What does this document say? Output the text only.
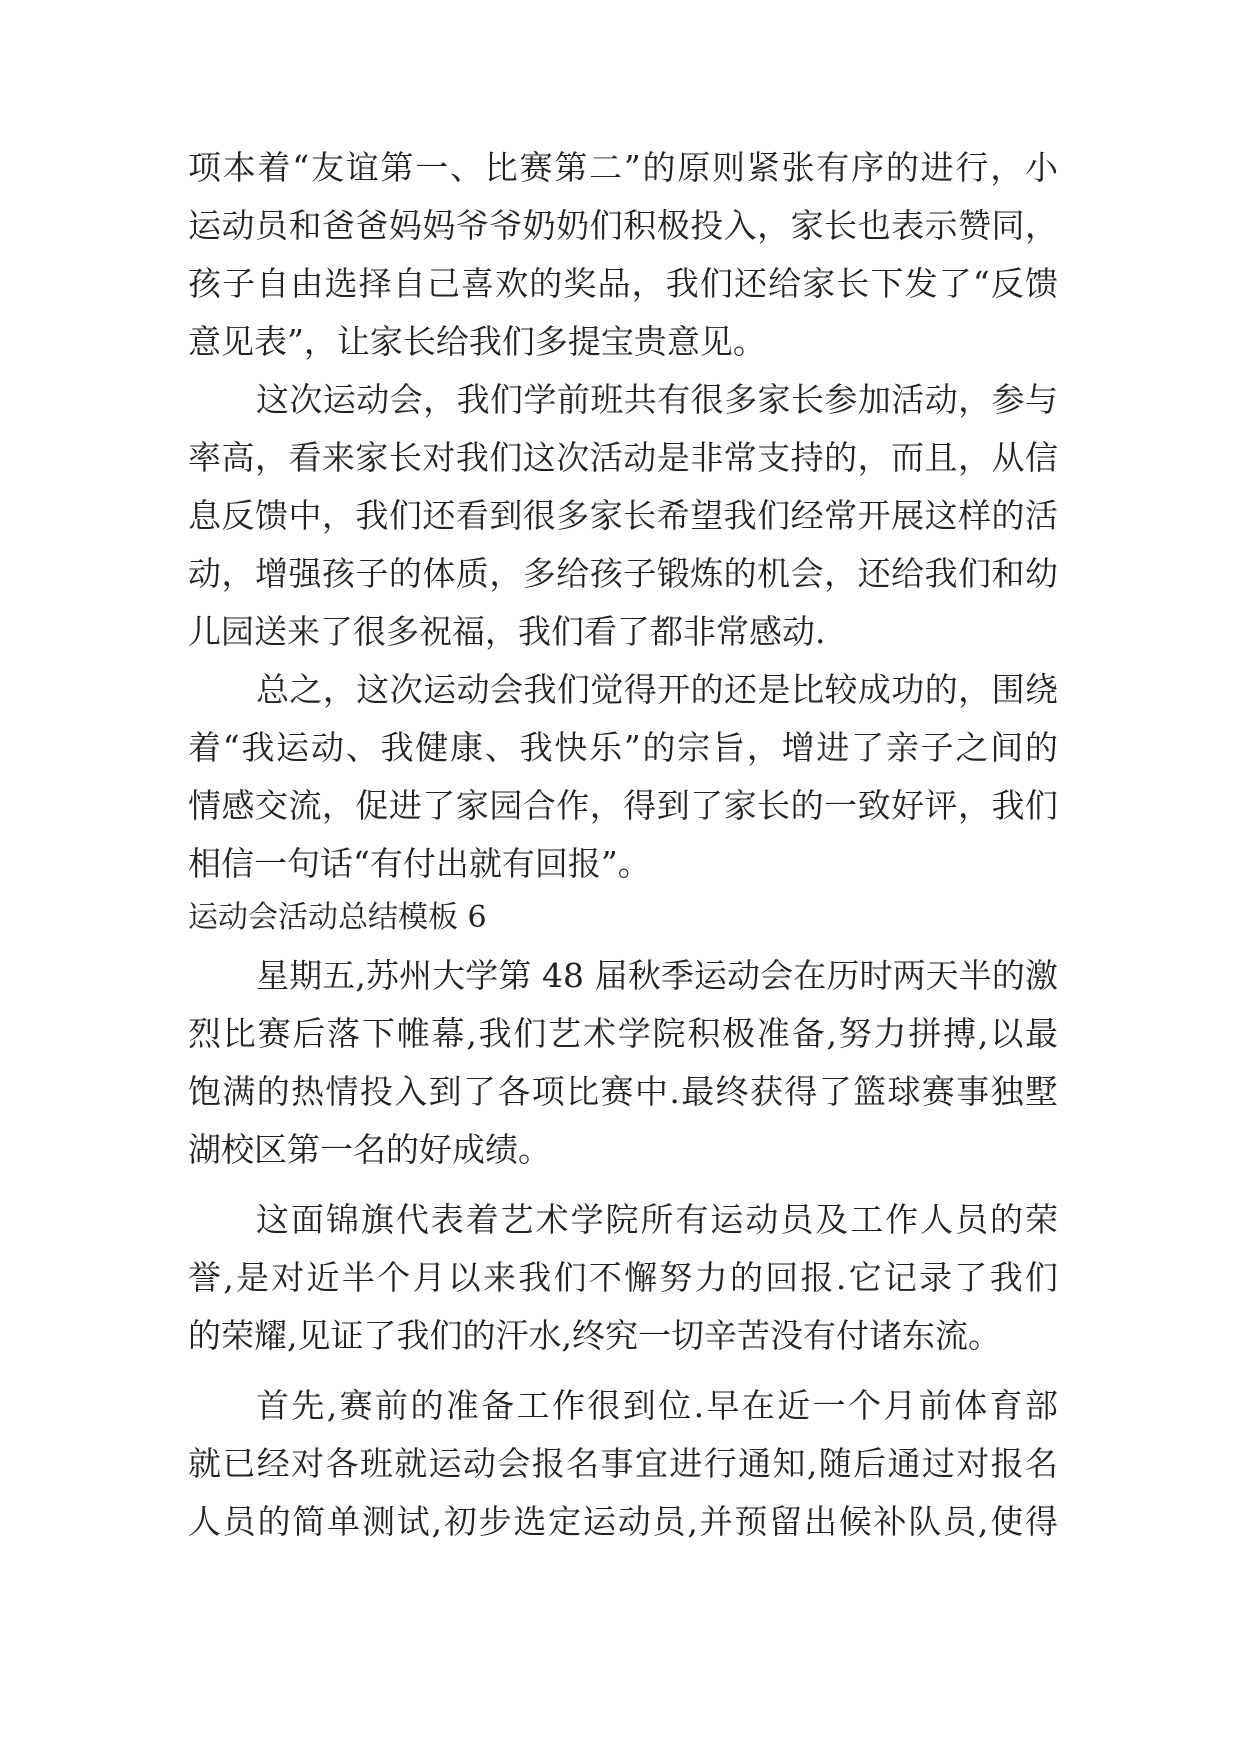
项本着“友谊第一、比赛第二”的原则紧张有序的进行，小
运动员和爸爸妈妈爷爷奶奶们积极投入，家长也表示赞同，
孩子自由选择自己喜欢的奖品，我们还给家长下发了“反馈
意见表”，让家长给我们多提宝贵意见。
这次运动会，我们学前班共有很多家长参加活动，参与
率高，看来家长对我们这次活动是非常支持的，而且，从信
息反馈中，我们还看到很多家长希望我们经常开展这样的活
动，增强孩子的体质，多给孩子锻炼的机会，还给我们和幼
儿园送来了很多祝福，我们看了都非常感动.
总之，这次运动会我们觉得开的还是比较成功的，围绕
着“我运动、我健康、我快乐”的宗旨，增进了亲子之间的
情感交流，促进了家园合作，得到了家长的一致好评，我们
相信一句话“有付出就有回报”。
运动会活动总结模板 6
星期五,苏州大学第 48 届秋季运动会在历时两天半的激
烈比赛后落下帷幕,我们艺术学院积极准备,努力拼搏,以最
饱满的热情投入到了各项比赛中.最终获得了篮球赛事独墅
湖校区第一名的好成绩。
这面锦旗代表着艺术学院所有运动员及工作人员的荣
誉,是对近半个月以来我们不懈努力的回报.它记录了我们
的荣耀,见证了我们的汗水,终究一切辛苦没有付诸东流。
首先,赛前的准备工作很到位.早在近一个月前体育部
就已经对各班就运动会报名事宜进行通知,随后通过对报名
人员的简单测试,初步选定运动员,并预留出候补队员,使得
